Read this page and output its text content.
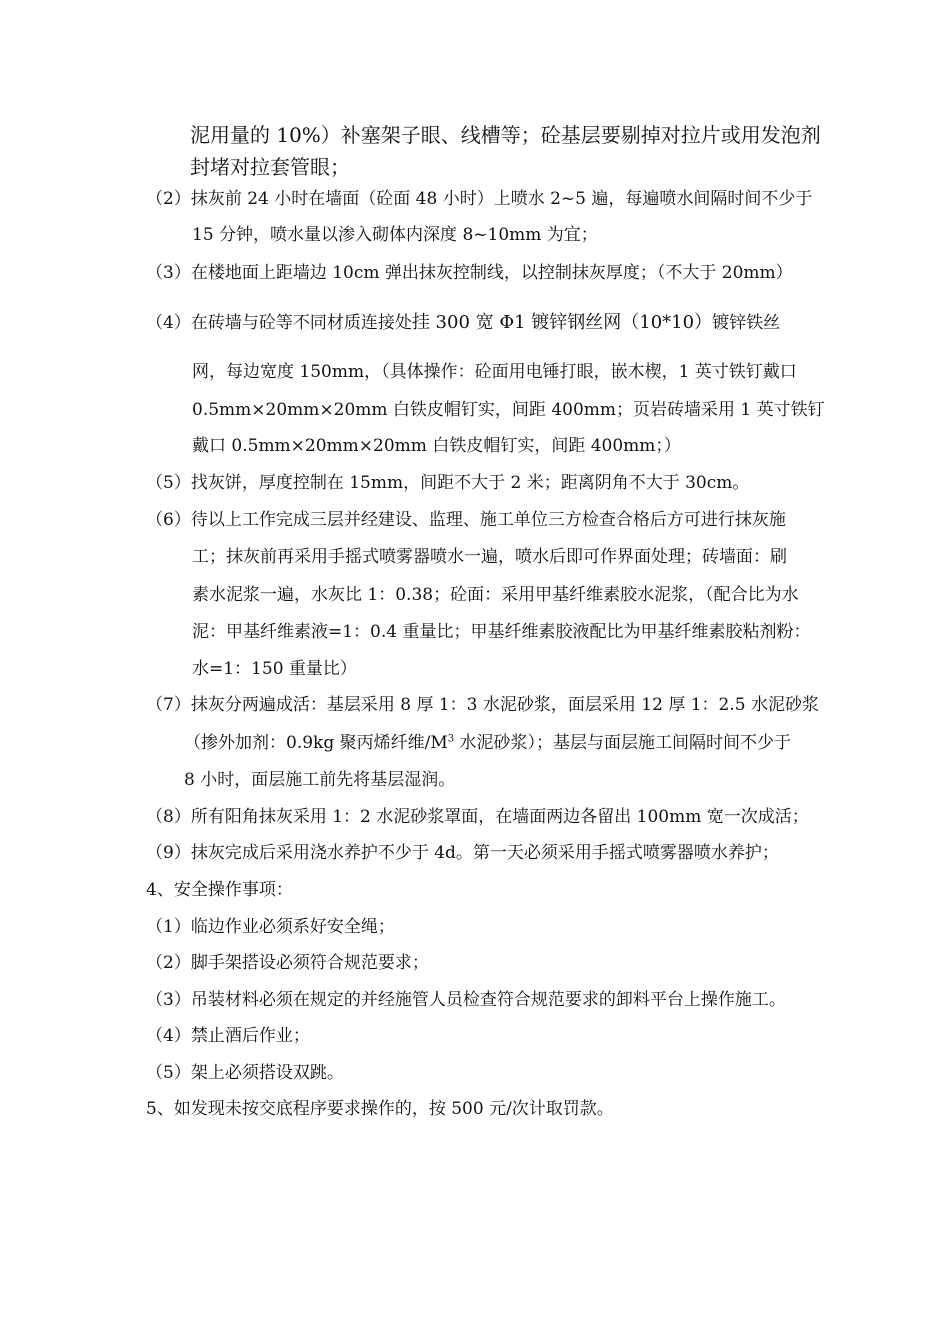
泥用量的 10%）补塞架子眼、线槽等；砼基层要剔掉对拉片或用发泡剂
封堵对拉套管眼；
（2）抹灰前 24 小时在墙面（砼面 48 小时）上喷水 2~5 遍，每遍喷水间隔时间不少于
15 分钟，喷水量以渗入砌体内深度 8~10mm 为宜；
（3）在楼地面上距墙边 10cm 弹出抹灰控制线，以控制抹灰厚度；（不大于 20mm）
（4）在砖墙与砼等不同材质连接处挂 300 宽 Φ1 镀锌钢丝网（10*10）镀锌铁丝
网，每边宽度 150mm，（具体操作：砼面用电锤打眼，嵌木楔，1 英寸铁钉戴口
0.5mm×20mm×20mm 白铁皮帽钉实，间距 400mm；页岩砖墙采用 1 英寸铁钉
戴口 0.5mm×20mm×20mm 白铁皮帽钉实，间距 400mm；）
（5）找灰饼，厚度控制在 15mm，间距不大于 2 米；距离阴角不大于 30cm。
（6）待以上工作完成三层并经建设、监理、施工单位三方检查合格后方可进行抹灰施
工；抹灰前再采用手摇式喷雾器喷水一遍，喷水后即可作界面处理；砖墙面：刷
素水泥浆一遍，水灰比 1：0.38；砼面：采用甲基纤维素胶水泥浆，（配合比为水
泥：甲基纤维素液=1：0.4 重量比；甲基纤维素胶液配比为甲基纤维素胶粘剂粉：
水=1：150 重量比）
（7）抹灰分两遍成活：基层采用 8 厚 1：3 水泥砂浆，面层采用 12 厚 1：2.5 水泥砂浆
（掺外加剂：0.9kg 聚丙烯纤维$/M^3$ 水泥砂浆）；基层与面层施工间隔时间不少于
8 小时，面层施工前先将基层湿润。
（8）所有阳角抹灰采用 1：2 水泥砂浆罩面，在墙面两边各留出 100mm 宽一次成活；
（9）抹灰完成后采用浇水养护不少于 4d。第一天必须采用手摇式喷雾器喷水养护；
4、安全操作事项：
（1）临边作业必须系好安全绳；
（2）脚手架搭设必须符合规范要求；
（3）吊装材料必须在规定的并经施管人员检查符合规范要求的卸料平台上操作施工。
（4）禁止酒后作业；
（5）架上必须搭设双跳。
5、如发现未按交底程序要求操作的，按 500 元/次计取罚款。
